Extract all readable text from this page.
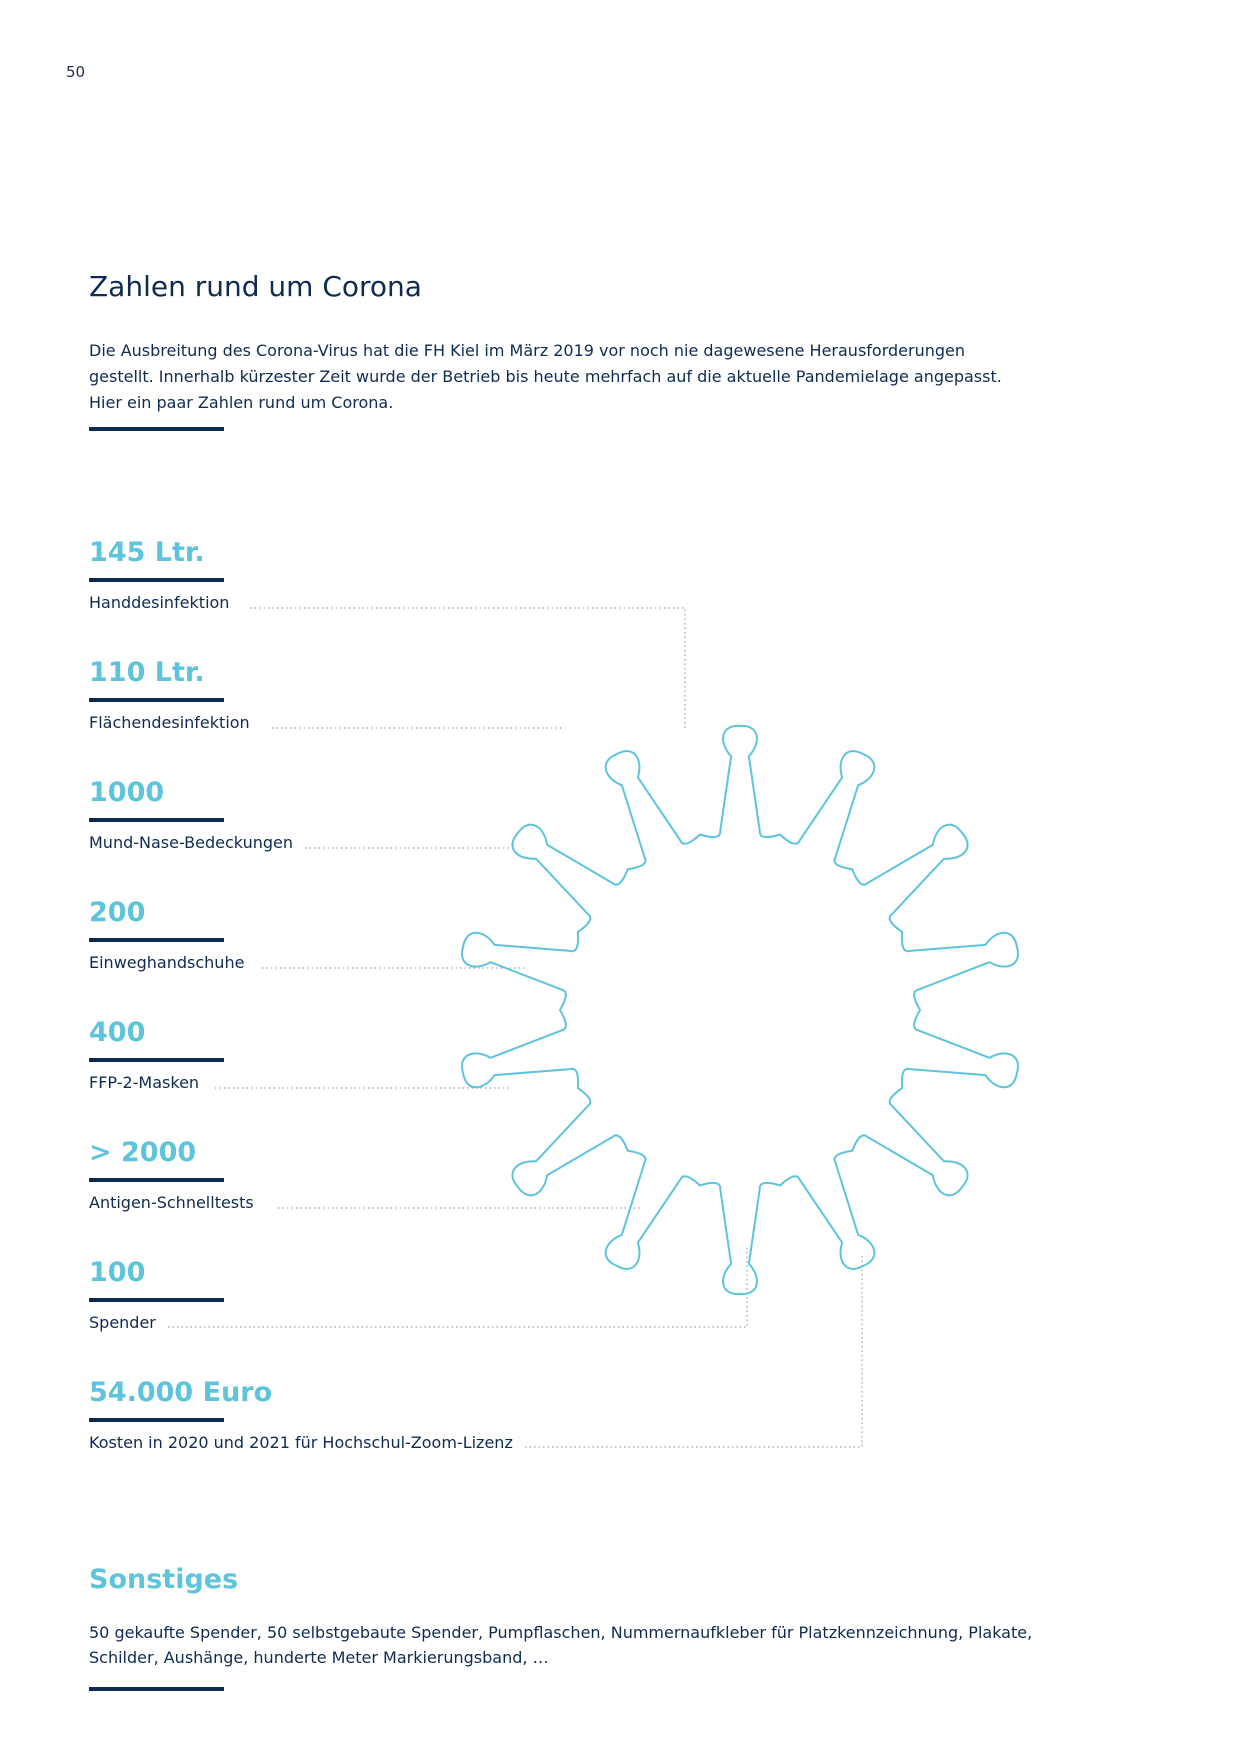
50
Zahlen rund um Corona

Die Ausbreitung des Corona-Virus hat die FH Kiel im März 2019 vor noch nie dagewesene Herausforderungen gestellt. Innerhalb kürzester Zeit wurde der Betrieb bis heute mehrfach auf die aktuelle Pandemielage angepasst. Hier ein paar Zahlen rund um Corona.

145 Ltr.
Handdesinfektion
110 Ltr.
Flächendesinfektion
1000
Mund-Nase-Bedeckungen
200
Einweghandschuhe
400
FFP-2-Masken
> 2000
Antigen-Schnelltests
100
Spender
54.000 Euro
Kosten in 2020 und 2021 für Hochschul-Zoom-Lizenz
Sonstiges

50 gekaufte Spender, 50 selbstgebaute Spender, Pumpflaschen, Nummernaufkleber für Platzkennzeichnung, Plakate, Schilder, Aushänge, hunderte Meter Markierungsband, …
